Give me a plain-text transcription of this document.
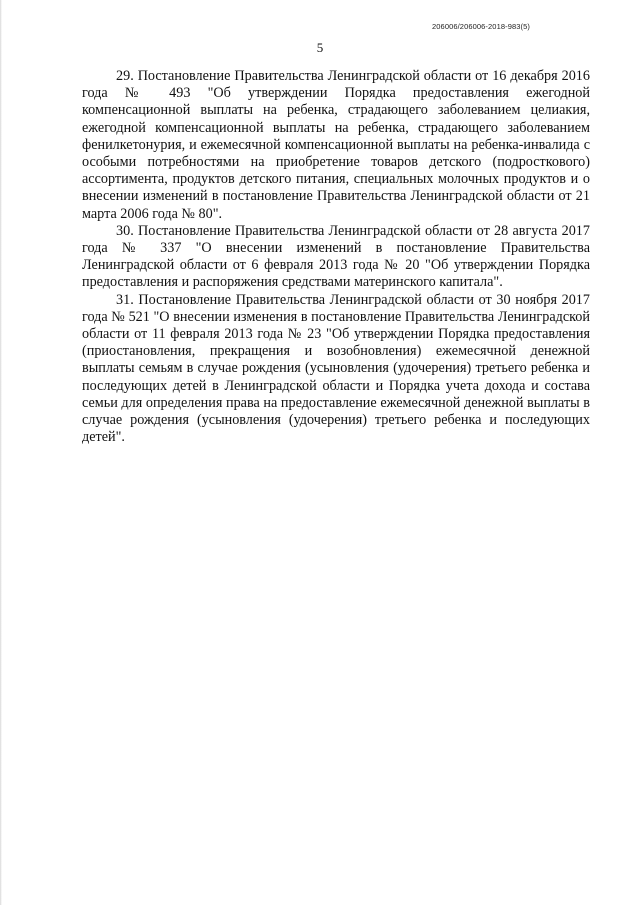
206006/206006-2018-983(5)
5

29. Постановление Правительства Ленинградской области от 16 декабря 2016 года № 493 "Об утверждении Порядка предоставления ежегодной компенсационной выплаты на ребенка, страдающего заболеванием целиакия, ежегодной компенсационной выплаты на ребенка, страдающего заболеванием фенилкетонурия, и ежемесячной компенсационной выплаты на ребенка-инвалида с особыми потребностями на приобретение товаров детского (подросткового) ассортимента, продуктов детского питания, специальных молочных продуктов и о внесении изменений в постановление Правительства Ленинградской области от 21 марта 2006 года № 80".

30. Постановление Правительства Ленинградской области от 28 августа 2017 года № 337 "О внесении изменений в постановление Правительства Ленинградской области от 6 февраля 2013 года № 20 "Об утверждении Порядка предоставления и распоряжения средствами материнского капитала".

31. Постановление Правительства Ленинградской области от 30 ноября 2017 года № 521 "О внесении изменения в постановление Правительства Ленинградской области от 11 февраля 2013 года № 23 "Об утверждении Порядка предоставления (приостановления, прекращения и возобновления) ежемесячной денежной выплаты семьям в случае рождения (усыновления (удочерения) третьего ребенка и последующих детей в Ленинградской области и Порядка учета дохода и состава семьи для определения права на предоставление ежемесячной денежной выплаты в случае рождения (усыновления (удочерения) третьего ребенка и последующих детей".
